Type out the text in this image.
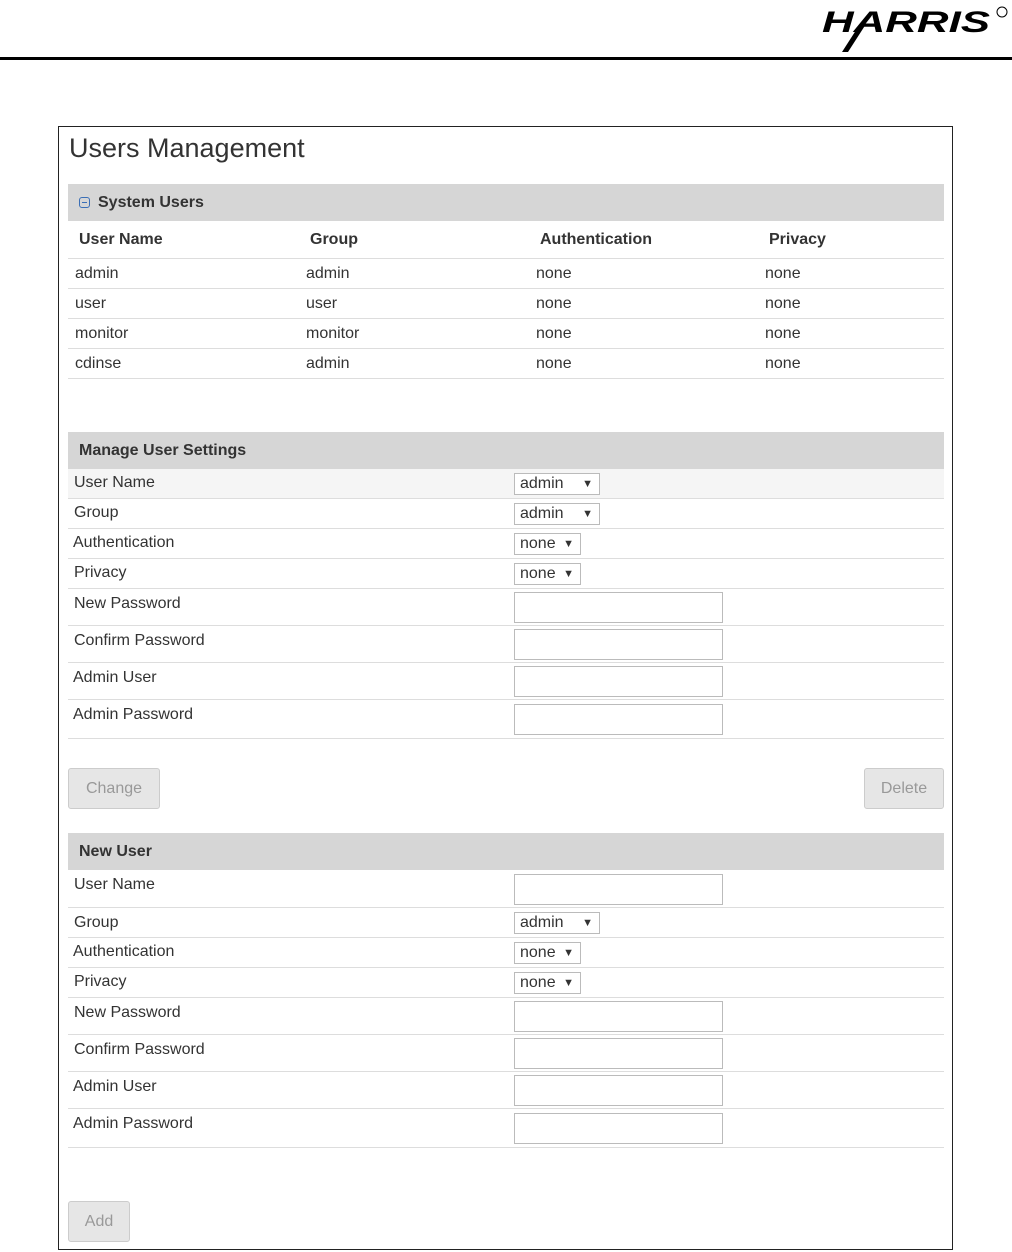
HARRIS
Users Management
System Users
User Name	Group	Authentication	Privacy
admin	admin	none	none
user	user	none	none
monitor	monitor	none	none
cdinse	admin	none	none
Manage User Settings
User Name	admin ▼
Group	admin ▼
Authentication	none ▼
Privacy	none ▼
New Password
Confirm Password
Admin User
Admin Password
Change	Delete
New User
User Name
Group	admin ▼
Authentication	none ▼
Privacy	none ▼
New Password
Confirm Password
Admin User
Admin Password
Add
